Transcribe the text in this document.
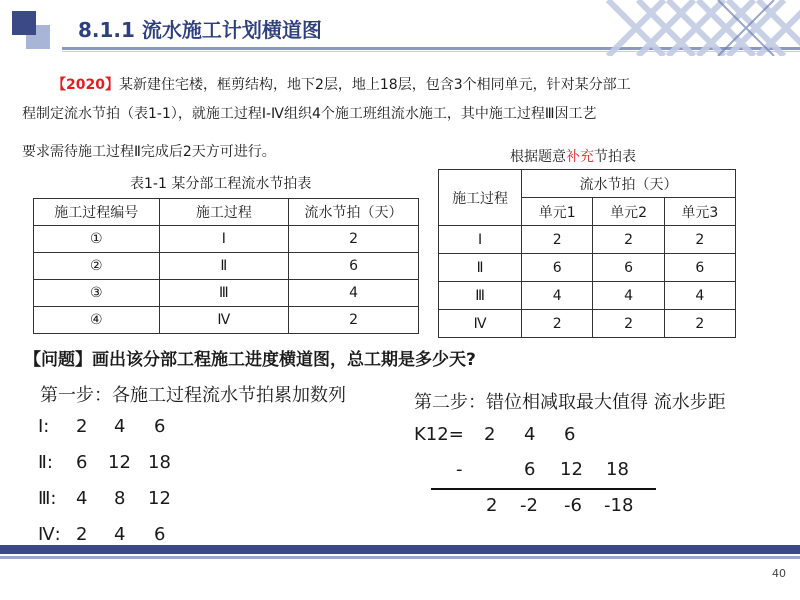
8.1.1 流水施工计划横道图
【2020】某新建住宅楼，框剪结构，地下2层，地上18层，包含3个相同单元，针对某分部工
程制定流水节拍（表1-1），就施工过程Ⅰ-Ⅳ组织4个施工班组流水施工，其中施工过程Ⅲ因工艺
要求需待施工过程Ⅱ完成后2天方可进行。
表1-1 某分部工程流水节拍表
施工过程编号	施工过程	流水节拍（天）
①	Ⅰ	2
②	Ⅱ	6
③	Ⅲ	4
④	Ⅳ	2
根据题意补充节拍表
施工过程	流水节拍（天）		
	单元1	单元2	单元3
Ⅰ	2	2	2
Ⅱ	6	6	6
Ⅲ	4	4	4
Ⅳ	2	2	2
【问题】画出该分部工程施工进度横道图，总工期是多少天?
第一步：各施工过程流水节拍累加数列
Ⅰ: 2 4 6
Ⅱ: 6 12 18
Ⅲ: 4 8 12
Ⅳ: 2 4 6
第二步：错位相减取最大值得 流水步距
K12= 2 4 6
-	6 12 18
2 -2 -6 -18
40
